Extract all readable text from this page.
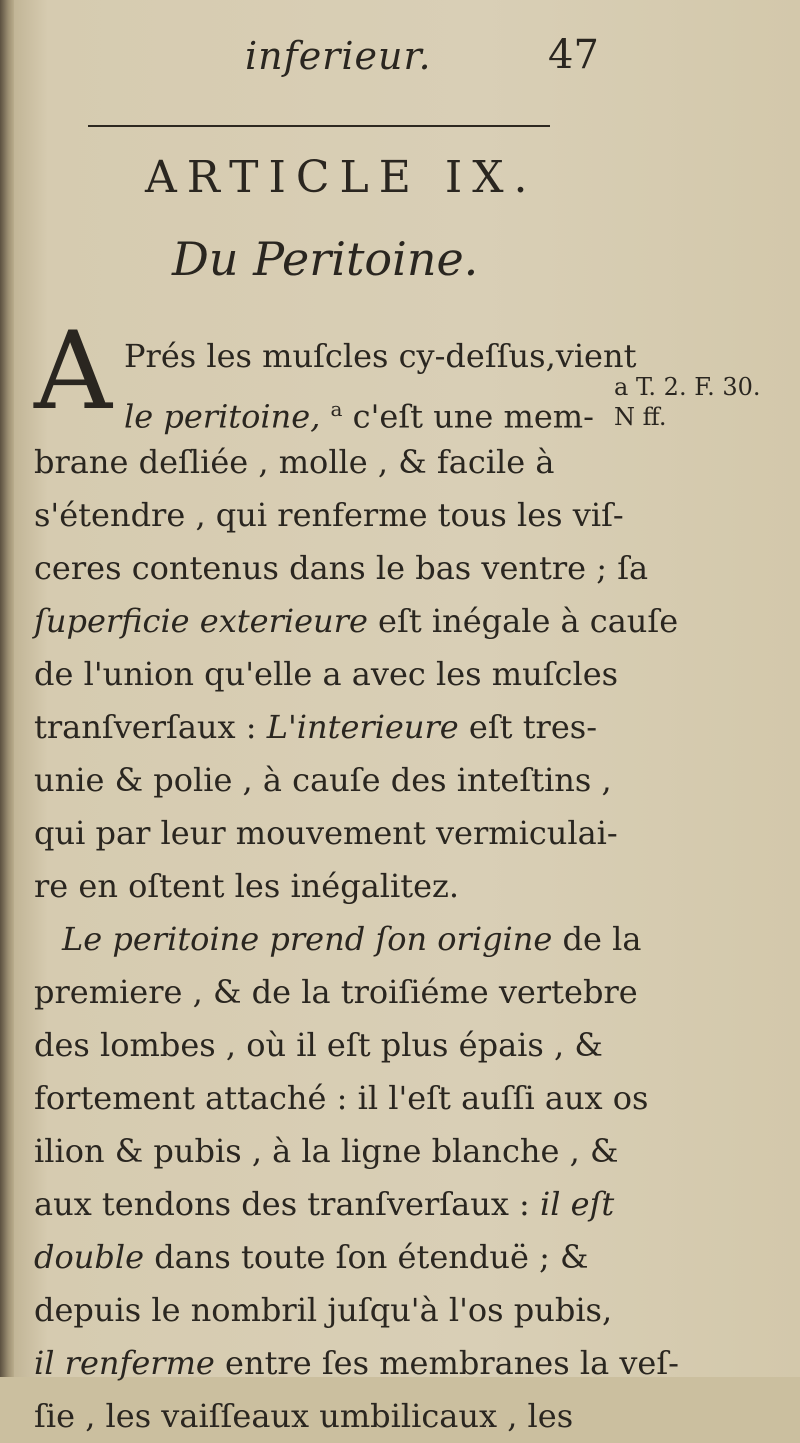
inferieur.	47
ARTICLE IX.
Du Peritoine.
A Prés les muſcles cy-deſſus,vient
le peritoine, $^a$ c'eſt une mem-
brane deſliée , molle , & facile à
s'étendre , qui renferme tous les viſ-
ceres contenus dans le bas ventre ; ſa
ſuperficie exterieure eſt inégale à cauſe
de l'union qu'elle a avec les muſcles
tranſverſaux : L'interieure eſt tres-
unie & polie , à cauſe des inteſtins ,
qui par leur mouvement vermiculai-
re en oſtent les inégalitez.
Le peritoine prend ſon origine de la
premiere , & de la troiſiéme vertebre
des lombes , où il eſt plus épais , &
fortement attaché : il l'eſt auſſi aux os
ilion & pubis , à la ligne blanche , &
aux tendons des tranſverſaux : il eſt
double dans toute ſon étenduë ; &
depuis le nombril juſqu'à l'os pubis,
il renferme entre ſes membranes la veſ-
ſie , les vaiſſeaux umbilicaux , les
a T. 2. F. 30.
N ff.
